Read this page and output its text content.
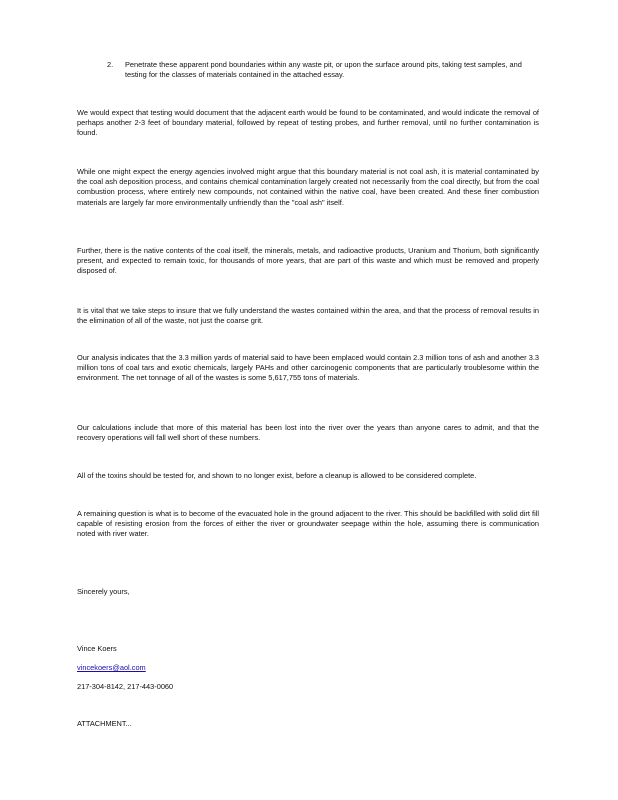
2. Penetrate these apparent pond boundaries within any waste pit, or upon the surface around pits, taking test samples, and testing for the classes of materials contained in the attached essay.
We would expect that testing would document that the adjacent earth would be found to be contaminated, and would indicate the removal of perhaps another 2-3 feet of boundary material, followed by repeat of testing probes, and further removal, until no further contamination is found.
While one might expect the energy agencies involved might argue that this boundary material is not coal ash, it is material contaminated by the coal ash deposition process, and contains chemical contamination largely created not necessarily from the coal directly, but from the coal combustion process, where entirely new compounds, not contained within the native coal, have been created. And these finer combustion materials are largely far more environmentally unfriendly than the "coal ash" itself.
Further, there is the native contents of the coal itself, the minerals, metals, and radioactive products, Uranium and Thorium, both significantly present, and expected to remain toxic, for thousands of more years, that are part of this waste and which must be removed and properly disposed of.
It is vital that we take steps to insure that we fully understand the wastes contained within the area, and that the process of removal results in the elimination of all of the waste, not just the coarse grit.
Our analysis indicates that the 3.3 million yards of material said to have been emplaced would contain 2.3 million tons of ash and another 3.3 million tons of coal tars and exotic chemicals, largely PAHs and other carcinogenic components that are particularly troublesome within the environment. The net tonnage of all of the wastes is some 5,617,755 tons of materials.
Our calculations include that more of this material has been lost into the river over the years than anyone cares to admit, and that the recovery operations will fall well short of these numbers.
All of the toxins should be tested for, and shown to no longer exist, before a cleanup is allowed to be considered complete.
A remaining question is what is to become of the evacuated hole in the ground adjacent to the river. This should be backfilled with solid dirt fill capable of resisting erosion from the forces of either the river or groundwater seepage within the hole, assuming there is communication noted with river water.
Sincerely yours,
Vince Koers
vincekoers@aol.com
217-304-8142, 217-443-0060
ATTACHMENT...
